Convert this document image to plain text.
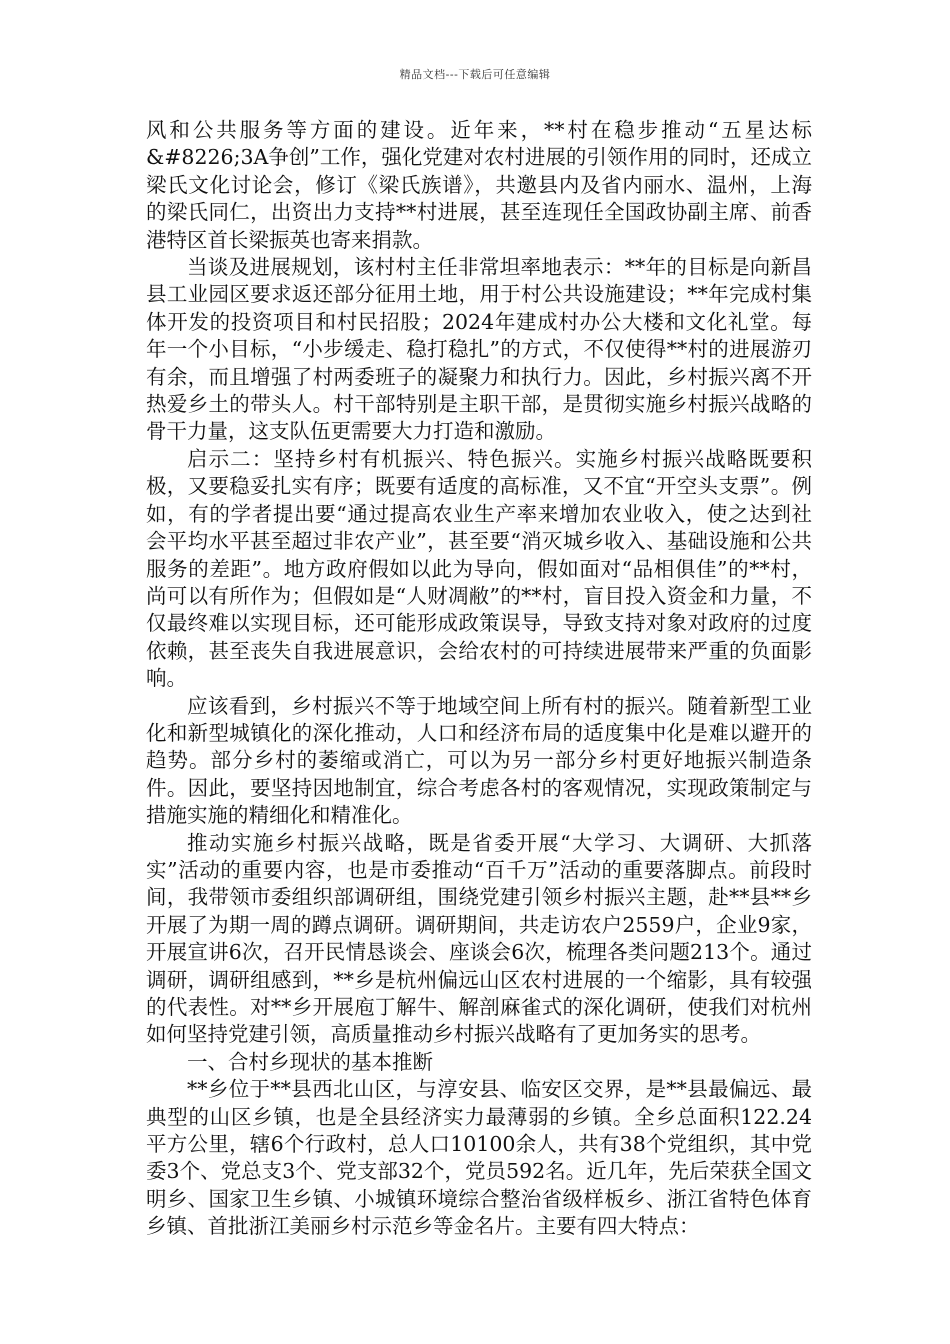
精品文档---下载后可任意编辑

风和公共服务等方面的建设。近年来，**村在稳步推动“五星达标&#8226;3A争创”工作，强化党建对农村进展的引领作用的同时，还成立梁氏文化讨论会，修订《梁氏族谱》，共邀县内及省内丽水、温州，上海的梁氏同仁，出资出力支持**村进展，甚至连现任全国政协副主席、前香港特区首长梁振英也寄来捐款。

当谈及进展规划，该村村主任非常坦率地表示：**年的目标是向新昌县工业园区要求返还部分征用土地，用于村公共设施建设；**年完成村集体开发的投资项目和村民招股；2024年建成村办公大楼和文化礼堂。每年一个小目标，“小步缓走、稳打稳扎”的方式，不仅使得**村的进展游刃有余，而且增强了村两委班子的凝聚力和执行力。因此，乡村振兴离不开热爱乡土的带头人。村干部特别是主职干部，是贯彻实施乡村振兴战略的骨干力量，这支队伍更需要大力打造和激励。

启示二：坚持乡村有机振兴、特色振兴。实施乡村振兴战略既要积极，又要稳妥扎实有序；既要有适度的高标准，又不宜“开空头支票”。例如，有的学者提出要“通过提高农业生产率来增加农业收入，使之达到社会平均水平甚至超过非农产业”，甚至要“消灭城乡收入、基础设施和公共服务的差距”。地方政府假如以此为导向，假如面对“品相俱佳”的**村，尚可以有所作为；但假如是“人财凋敝”的**村，盲目投入资金和力量，不仅最终难以实现目标，还可能形成政策误导，导致支持对象对政府的过度依赖，甚至丧失自我进展意识，会给农村的可持续进展带来严重的负面影响。

应该看到，乡村振兴不等于地域空间上所有村的振兴。随着新型工业化和新型城镇化的深化推动，人口和经济布局的适度集中化是难以避开的趋势。部分乡村的萎缩或消亡，可以为另一部分乡村更好地振兴制造条件。因此，要坚持因地制宜，综合考虑各村的客观情况，实现政策制定与措施实施的精细化和精准化。

推动实施乡村振兴战略，既是省委开展“大学习、大调研、大抓落实”活动的重要内容，也是市委推动“百千万”活动的重要落脚点。前段时间，我带领市委组织部调研组，围绕党建引领乡村振兴主题，赴**县**乡开展了为期一周的蹲点调研。调研期间，共走访农户2559户，企业9家，开展宣讲6次，召开民情恳谈会、座谈会6次，梳理各类问题213个。通过调研，调研组感到，**乡是杭州偏远山区农村进展的一个缩影，具有较强的代表性。对**乡开展庖丁解牛、解剖麻雀式的深化调研，使我们对杭州如何坚持党建引领，高质量推动乡村振兴战略有了更加务实的思考。

一、合村乡现状的基本推断

**乡位于**县西北山区，与淳安县、临安区交界，是**县最偏远、最典型的山区乡镇，也是全县经济实力最薄弱的乡镇。全乡总面积122.24平方公里，辖6个行政村，总人口10100余人，共有38个党组织，其中党委3个、党总支3个、党支部32个，党员592名。近几年，先后荣获全国文明乡、国家卫生乡镇、小城镇环境综合整治省级样板乡、浙江省特色体育乡镇、首批浙江美丽乡村示范乡等金名片。主要有四大特点：
